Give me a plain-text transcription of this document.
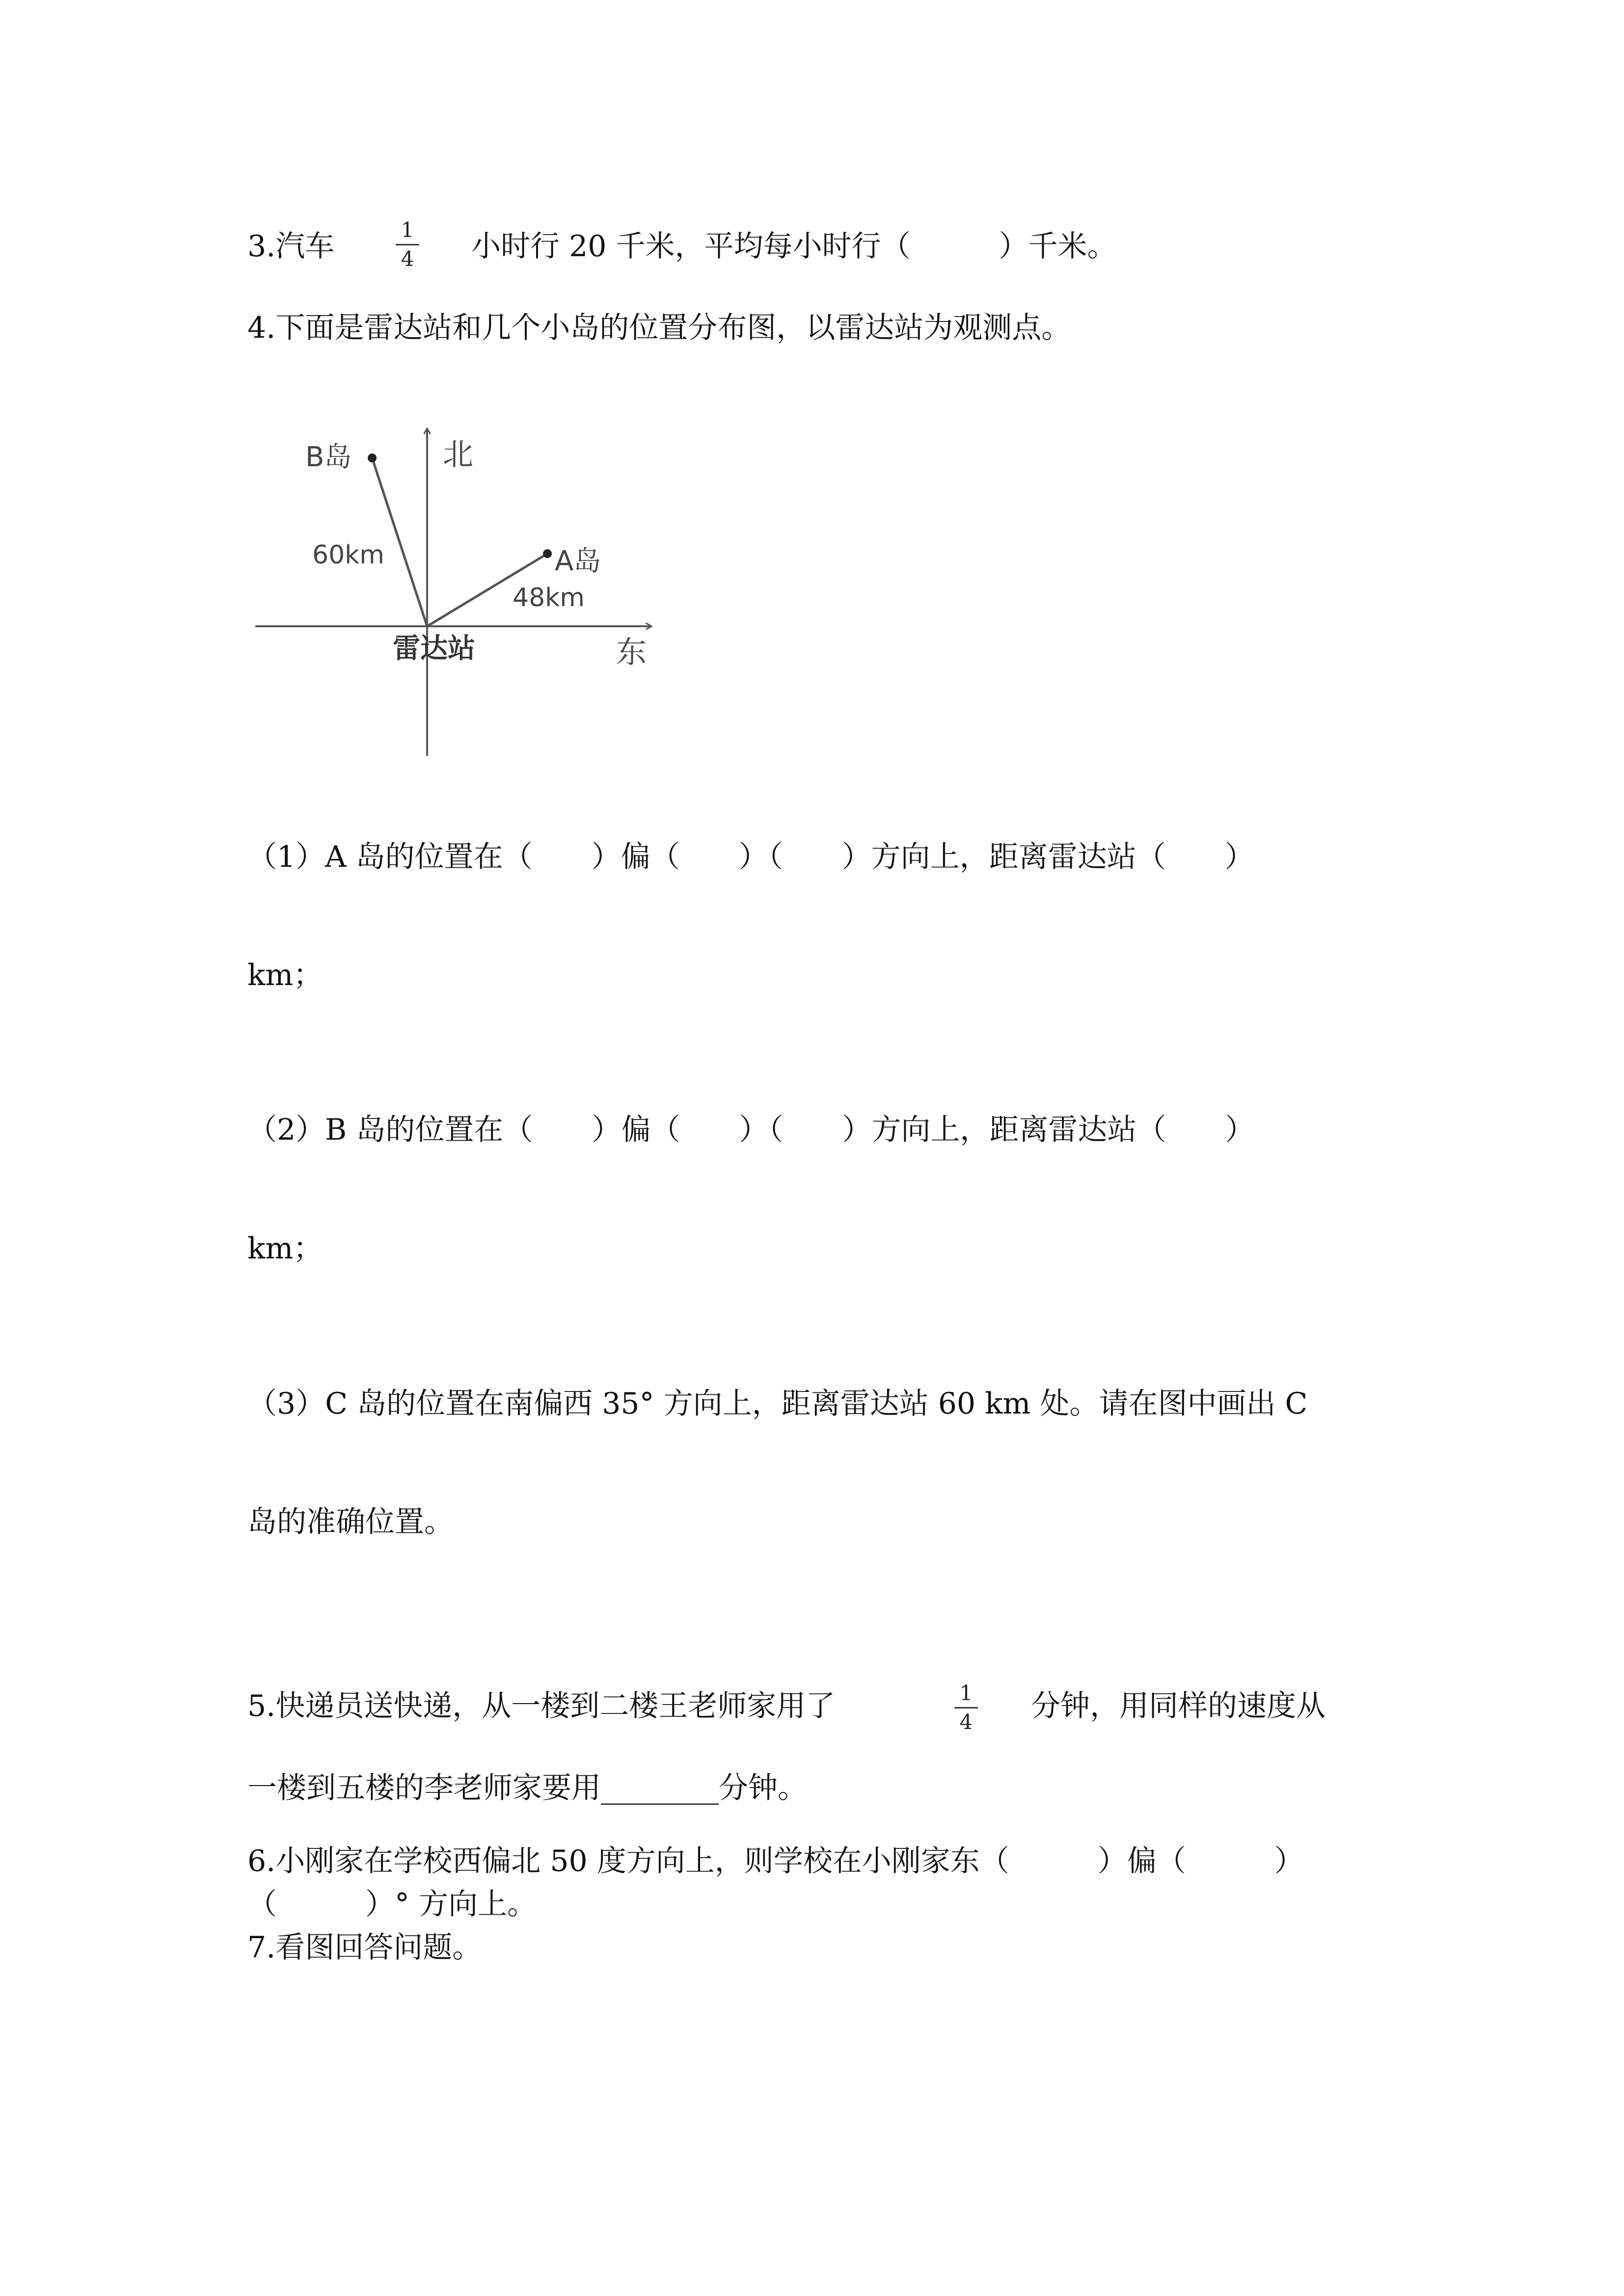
3.汽车	1
4 小时行 20 千米，平均每小时行（　　　）千米。
4.下面是雷达站和几个小岛的位置分布图，以雷达站为观测点。
北
东
雷达站
B岛
A岛
60km
48km
（1）A 岛的位置在（　　）偏（　　）（　　）方向上，距离雷达站（　　）
km；
（2）B 岛的位置在（　　）偏（　　）（　　）方向上，距离雷达站（　　）
km；
（3）C 岛的位置在南偏西 35° 方向上，距离雷达站 60 km 处。请在图中画出 C
岛的准确位置。
5.快递员送快递，从一楼到二楼王老师家用了	1
4 分钟，用同样的速度从
一楼到五楼的李老师家要用________分钟。
6.小刚家在学校西偏北 50 度方向上，则学校在小刚家东（　　　）偏（　　　）
（　　　）° 方向上。
7.看图回答问题。
